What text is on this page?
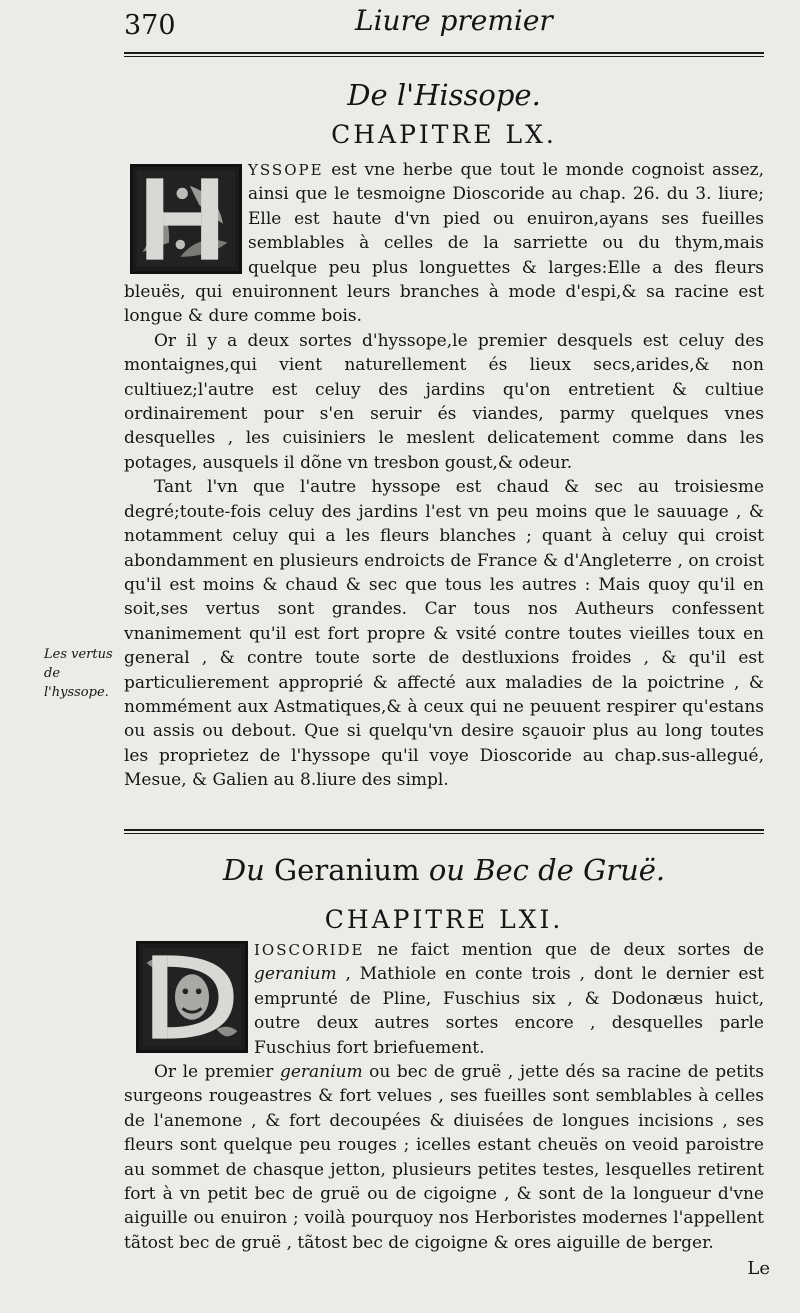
370	Liure premier
De l'Hissope.
CHAPITRE LX.

YSSOPE est vne herbe que tout le monde cognoist assez, ainsi que le tesmoigne Dioscoride au chap. 26. du 3. liure; Elle est haute d'vn pied ou enuiron,ayans ses fueilles semblables à celles de la sarriette ou du thym,mais quelque peu plus longuettes & larges:Elle a des fleurs bleuës, qui enuironnent leurs branches à mode d'espi,& sa racine est longue & dure comme bois.

Or il y a deux sortes d'hyssope,le premier desquels est celuy des montaignes,qui vient naturellement és lieux secs,arides,& non cultiuez;l'autre est celuy des jardins qu'on entretient & cultiue ordinairement pour s'en seruir és viandes, parmy quelques vnes desquelles , les cuisiniers le meslent delicatement comme dans les potages, ausquels il dõne vn tresbon goust,& odeur.

Tant l'vn que l'autre hyssope est chaud & sec au troisiesme degré;toute-fois celuy des jardins l'est vn peu moins que le sauuage , & notamment celuy qui a les fleurs blanches ; quant à celuy qui croist abondamment en plusieurs endroicts de France & d'Angleterre , on croist qu'il est moins & chaud & sec que tous les autres : Mais quoy qu'il en soit,ses vertus sont grandes. Car tous nos Autheurs confessent vnanimement qu'il est fort propre & vsité contre toutes vieilles toux en general , & contre toute sorte de destluxions froides , & qu'il est particulierement approprié & affecté aux maladies de la poictrine , & nommément aux Astmatiques,& à ceux qui ne peuuent respirer qu'estans ou assis ou debout. Que si quelqu'vn desire sçauoir plus au long toutes les proprietez de l'hyssope qu'il voye Dioscoride au chap.sus-allegué, Mesue, & Galien au 8.liure des simpl.

Les vertus de l'hyssope.
Du Geranium ou Bec de Gruë.
CHAPITRE LXI.

IOSCORIDE ne faict mention que de deux sortes de geranium , Mathiole en conte trois , dont le dernier est emprunté de Pline, Fuschius six , & Dodonæus huict, outre deux autres sortes encore , desquelles parle Fuschius fort briefuement.

Or le premier geranium ou bec de gruë , jette dés sa racine de petits surgeons rougeastres & fort velues , ses fueilles sont semblables à celles de l'anemone , & fort decoupées & diuisées de longues incisions , ses fleurs sont quelque peu rouges ; icelles estant cheuës on veoid paroistre au sommet de chasque jetton, plusieurs petites testes, lesquelles retirent fort à vn petit bec de gruë ou de cigoigne , & sont de la longueur d'vne aiguille ou enuiron ; voilà pourquoy nos Herboristes modernes l'appellent tãtost bec de gruë , tãtost bec de cigoigne & ores aiguille de berger.

Le
